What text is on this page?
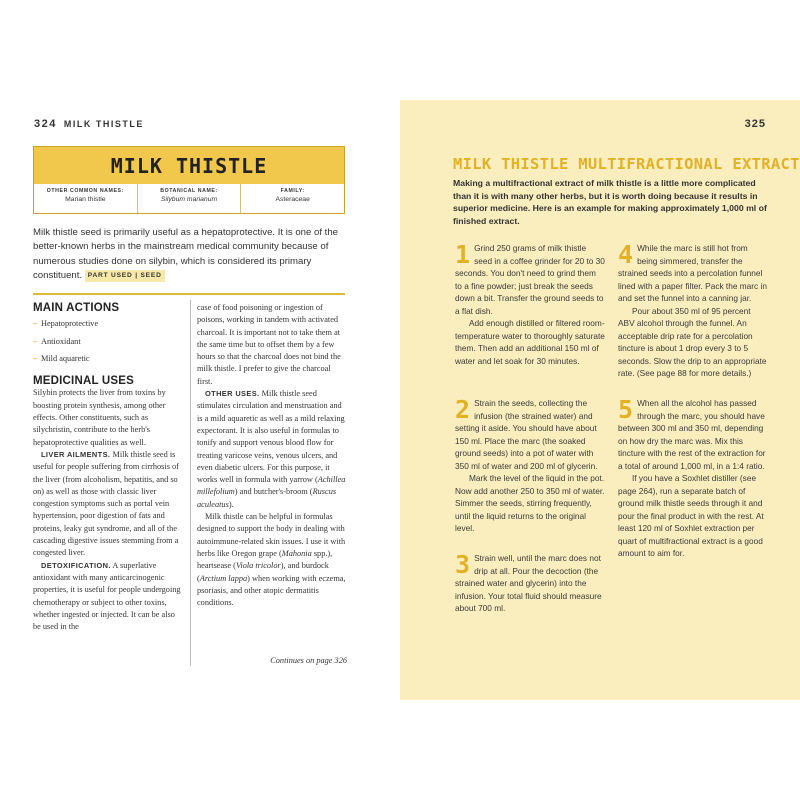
324 MILK THISTLE
MILK THISTLE
OTHER COMMON NAMES:
Marian thistle
BOTANICAL NAME:
Silybum marianum
FAMILY:
Asteraceae
Milk thistle seed is primarily useful as a hepatoprotective. It is one of the better-known herbs in the mainstream medical community because of numerous studies done on silybin, which is considered its primary constituent. PART USED | SEED
MAIN ACTIONS
– Hepatoprotective
– Antioxidant
– Mild aquaretic
MEDICINAL USES

Silybin protects the liver from toxins by boosting protein synthesis, among other effects. Other constituents, such as silychristin, contribute to the herb's hepatoprotective qualities as well.

LIVER AILMENTS. Milk thistle seed is useful for people suffering from cirrhosis of the liver (from alcoholism, hepatitis, and so on) as well as those with classic liver congestion symptoms such as portal vein hypertension, poor digestion of fats and proteins, leaky gut syndrome, and all of the cascading digestive issues stemming from a congested liver.

DETOXIFICATION. A superlative antioxidant with many anticarcinogenic properties, it is useful for people undergoing chemotherapy or subject to other toxins, whether ingested or injected. It can be also be used in the

case of food poisoning or ingestion of poisons, working in tandem with activated charcoal. It is important not to take them at the same time but to offset them by a few hours so that the charcoal does not bind the milk thistle. I prefer to give the charcoal first.

OTHER USES. Milk thistle seed stimulates circulation and menstruation and is a mild aquaretic as well as a mild relaxing expectorant. It is also useful in formulas to tonify and support venous blood flow for treating varicose veins, venous ulcers, and even diabetic ulcers. For this purpose, it works well in formula with yarrow (Achillea millefolium) and butcher's-broom (Ruscus aculeatus).

Milk thistle can be helpful in formulas designed to support the body in dealing with autoimmune-related skin issues. I use it with herbs like Oregon grape (Mahonia spp.), heartsease (Viola tricolor), and burdock (Arctium lappa) when working with eczema, psoriasis, and other atopic dermatitis conditions.

Continues on page 326
325
MILK THISTLE MULTIFRACTIONAL EXTRACT
Making a multifractional extract of milk thistle is a little more complicated than it is with many other herbs, but it is worth doing because it results in superior medicine. Here is an example for making approximately 1,000 ml of finished extract.
1 Grind 250 grams of milk thistle seed in a coffee grinder for 20 to 30 seconds. You don't need to grind them to a fine powder; just break the seeds down a bit. Transfer the ground seeds to a flat dish.

Add enough distilled or filtered room-temperature water to thoroughly saturate them. Then add an additional 150 ml of water and let soak for 30 minutes.

2 Strain the seeds, collecting the infusion (the strained water) and setting it aside. You should have about 150 ml. Place the marc (the soaked ground seeds) into a pot of water with 350 ml of water and 200 ml of glycerin.

Mark the level of the liquid in the pot. Now add another 250 to 350 ml of water. Simmer the seeds, stirring frequently, until the liquid returns to the original level.

3 Strain well, until the marc does not drip at all. Pour the decoction (the strained water and glycerin) into the infusion. Your total fluid should measure about 700 ml.

4 While the marc is still hot from being simmered, transfer the strained seeds into a percolation funnel lined with a paper filter. Pack the marc in and set the funnel into a canning jar.

Pour about 350 ml of 95 percent ABV alcohol through the funnel. An acceptable drip rate for a percolation tincture is about 1 drop every 3 to 5 seconds. Slow the drip to an appropriate rate. (See page 88 for more details.)

5 When all the alcohol has passed through the marc, you should have between 300 ml and 350 ml, depending on how dry the marc was. Mix this tincture with the rest of the extraction for a total of around 1,000 ml, in a 1:4 ratio.

If you have a Soxhlet distiller (see page 264), run a separate batch of ground milk thistle seeds through it and pour the final product in with the rest. At least 120 ml of Soxhlet extraction per quart of multifractional extract is a good amount to aim for.
